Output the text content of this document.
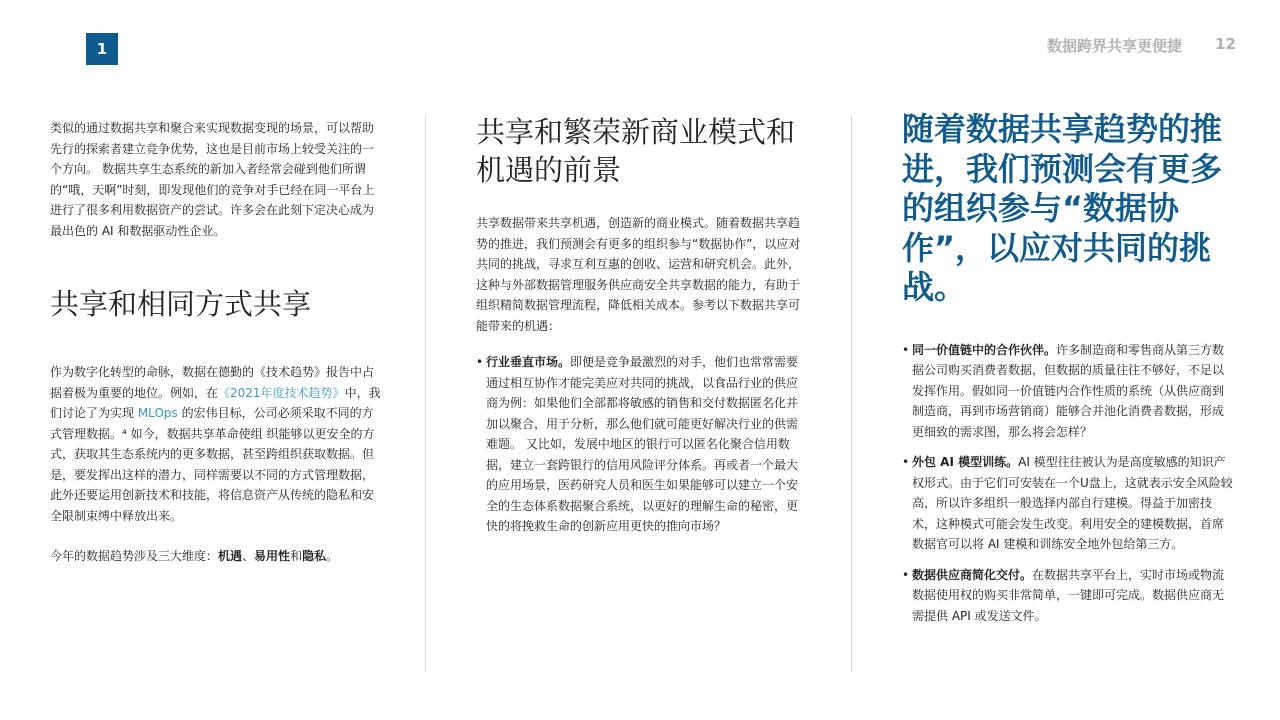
1	数据跨界共享更便捷	12

类似的通过数据共享和聚合来实现数据变现的场景，可以帮助先行的探索者建立竞争优势，这也是目前市场上较受关注的一个方向。 数据共享生态系统的新加入者经常会碰到他们所谓的“哦，天啊”时刻，即发现他们的竞争对手已经在同一平台上进行了很多利用数据资产的尝试。许多会在此刻下定决心成为最出色的 AI 和数据驱动性企业。

共享和相同方式共享

作为数字化转型的命脉，数据在德勤的《技术趋势》报告中占据着极为重要的地位。例如，在《2021年度技术趋势》中，我们讨论了为实现 MLOps 的宏伟目标，公司必须采取不同的方式管理数据。⁴ 如今，数据共享革命使组 织能够以更安全的方式，获取其生态系统内的更多数据，甚至跨组织获取数据。但是，要发挥出这样的潜力，同样需要以不同的方式管理数据，此外还要运用创新技术和技能，将信息资产从传统的隐私和安全限制束缚中释放出来。

今年的数据趋势涉及三大维度：机遇、易用性和隐私。

共享和繁荣新商业模式和机遇的前景

共享数据带来共享机遇，创造新的商业模式。随着数据共享趋势的推进，我们预测会有更多的组织参与“数据协作”，以应对共同的挑战，寻求互利互惠的创收、运营和研究机会。此外，这种与外部数据管理服务供应商安全共享数据的能力，有助于组织精简数据管理流程，降低相关成本。参考以下数据共享可能带来的机遇：

• 行业垂直市场。即便是竞争最激烈的对手，他们也常常需要通过相互协作才能完美应对共同的挑战，以食品行业的供应商为例：如果他们全部都将敏感的销售和交付数据匿名化并加以聚合，用于分析，那么他们就可能更好解决行业的供需难题。 又比如，发展中地区的银行可以匿名化聚合信用数据，建立一套跨银行的信用风险评分体系。再或者一个最大的应用场景，医药研究人员和医生如果能够可以建立一个安全的生态体系数据聚合系统，以更好的理解生命的秘密，更快的将挽救生命的创新应用更快的推向市场？
随着数据共享趋势的推进，我们预测会有更多的组织参与“数据协作”，以应对共同的挑战。
• 同一价值链中的合作伙伴。许多制造商和零售商从第三方数据公司购买消费者数据，但数据的质量往往不够好，不足以发挥作用。假如同一价值链内合作性质的系统（从供应商到制造商，再到市场营销商）能够合并池化消费者数据，形成更细致的需求图，那么将会怎样？
• 外包 AI 模型训练。AI 模型往往被认为是高度敏感的知识产权形式。由于它们可安装在一个U盘上，这就表示安全风险较高，所以许多组织一般选择内部自行建模。得益于加密技术，这种模式可能会发生改变。利用安全的建模数据，首席数据官可以将 AI 建模和训练安全地外包给第三方。
• 数据供应商简化交付。在数据共享平台上，实时市场或物流数据使用权的购买非常简单，一键即可完成。数据供应商无需提供 API 或发送文件。
